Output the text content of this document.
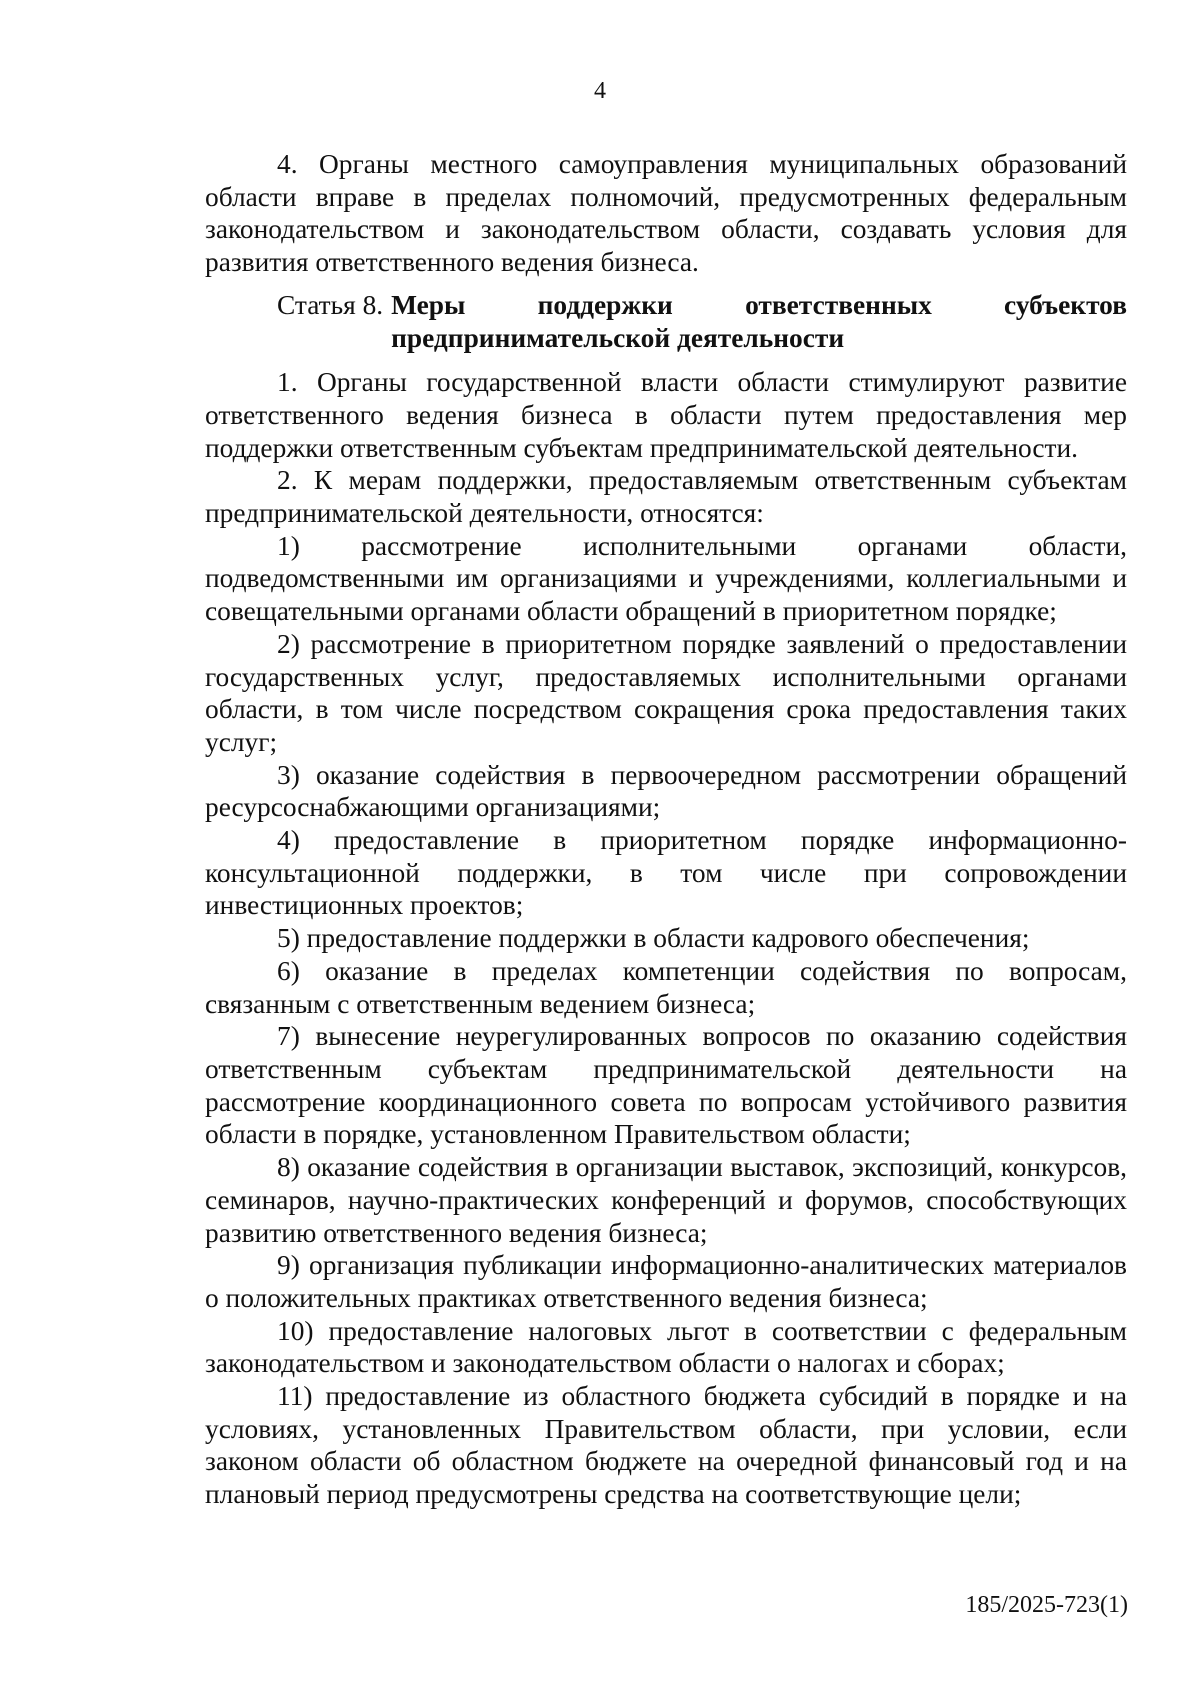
4

4. Органы местного самоуправления муниципальных образований области вправе в пределах полномочий, предусмотренных федеральным законодательством и законодательством области, создавать условия для развития ответственного ведения бизнеса.

Статья 8. Меры поддержки ответственных субъектов предпринимательской деятельности

1. Органы государственной власти области стимулируют развитие ответственного ведения бизнеса в области путем предоставления мер поддержки ответственным субъектам предпринимательской деятельности.

2. К мерам поддержки, предоставляемым ответственным субъектам предпринимательской деятельности, относятся:

1) рассмотрение исполнительными органами области, подведомственными им организациями и учреждениями, коллегиальными и совещательными органами области обращений в приоритетном порядке;

2) рассмотрение в приоритетном порядке заявлений о предоставлении государственных услуг, предоставляемых исполнительными органами области, в том числе посредством сокращения срока предоставления таких услуг;

3) оказание содействия в первоочередном рассмотрении обращений ресурсоснабжающими организациями;

4) предоставление в приоритетном порядке информационно-консультационной поддержки, в том числе при сопровождении инвестиционных проектов;

5) предоставление поддержки в области кадрового обеспечения;

6) оказание в пределах компетенции содействия по вопросам, связанным с ответственным ведением бизнеса;

7) вынесение неурегулированных вопросов по оказанию содействия ответственным субъектам предпринимательской деятельности на рассмотрение координационного совета по вопросам устойчивого развития области в порядке, установленном Правительством области;

8) оказание содействия в организации выставок, экспозиций, конкурсов, семинаров, научно-практических конференций и форумов, способствующих развитию ответственного ведения бизнеса;

9) организация публикации информационно-аналитических материалов о положительных практиках ответственного ведения бизнеса;

10) предоставление налоговых льгот в соответствии с федеральным законодательством и законодательством области о налогах и сборах;

11) предоставление из областного бюджета субсидий в порядке и на условиях, установленных Правительством области, при условии, если законом области об областном бюджете на очередной финансовый год и на плановый период предусмотрены средства на соответствующие цели;

185/2025-723(1)
